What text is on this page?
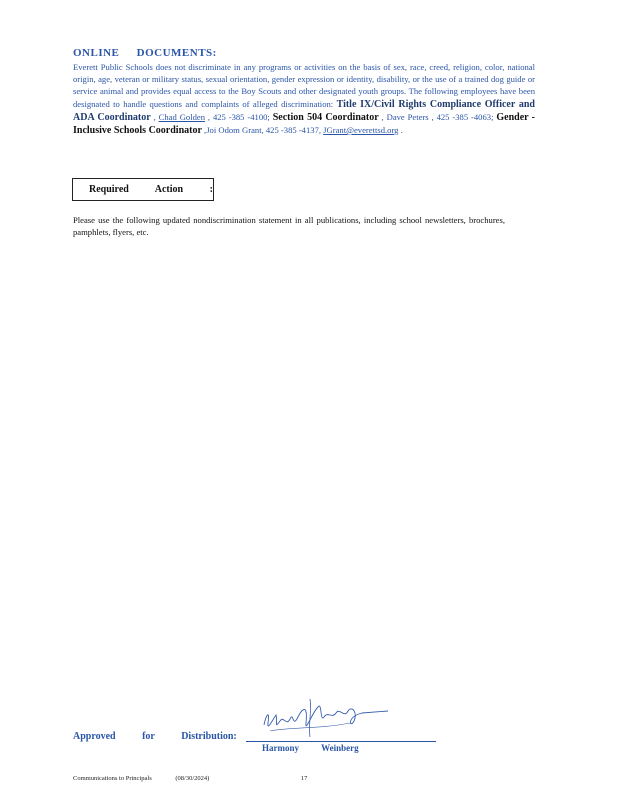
ONLINE DOCUMENTS:
Everett Public Schools does not discriminate in any programs or activities on the basis of sex, race, creed, religion, color, national origin, age, veteran or military status, sexual orientation, gender expression or identity, disability, or the use of a trained dog guide or service animal and provides equal access to the Boy Scouts and other designated youth groups. The following employees have been designated to handle questions and complaints of alleged discrimination: Title IX/Civil Rights Compliance Officer and ADA Coordinator , Chad Golden , 425 -385 -4100; Section 504 Coordinator , Dave Peters , 425 -385 -4063; Gender -Inclusive Schools Coordinator ,Joi Odom Grant, 425 -385 -4137, JGrant@everettsd.org .
Required Action :
Please use the following updated nondiscrimination statement in all publications, including school newsletters, brochures, pamphlets, flyers, etc.
Approved for Distribution:
Harmony Weinberg
Communications to Principals	(08/30/2024)	17
